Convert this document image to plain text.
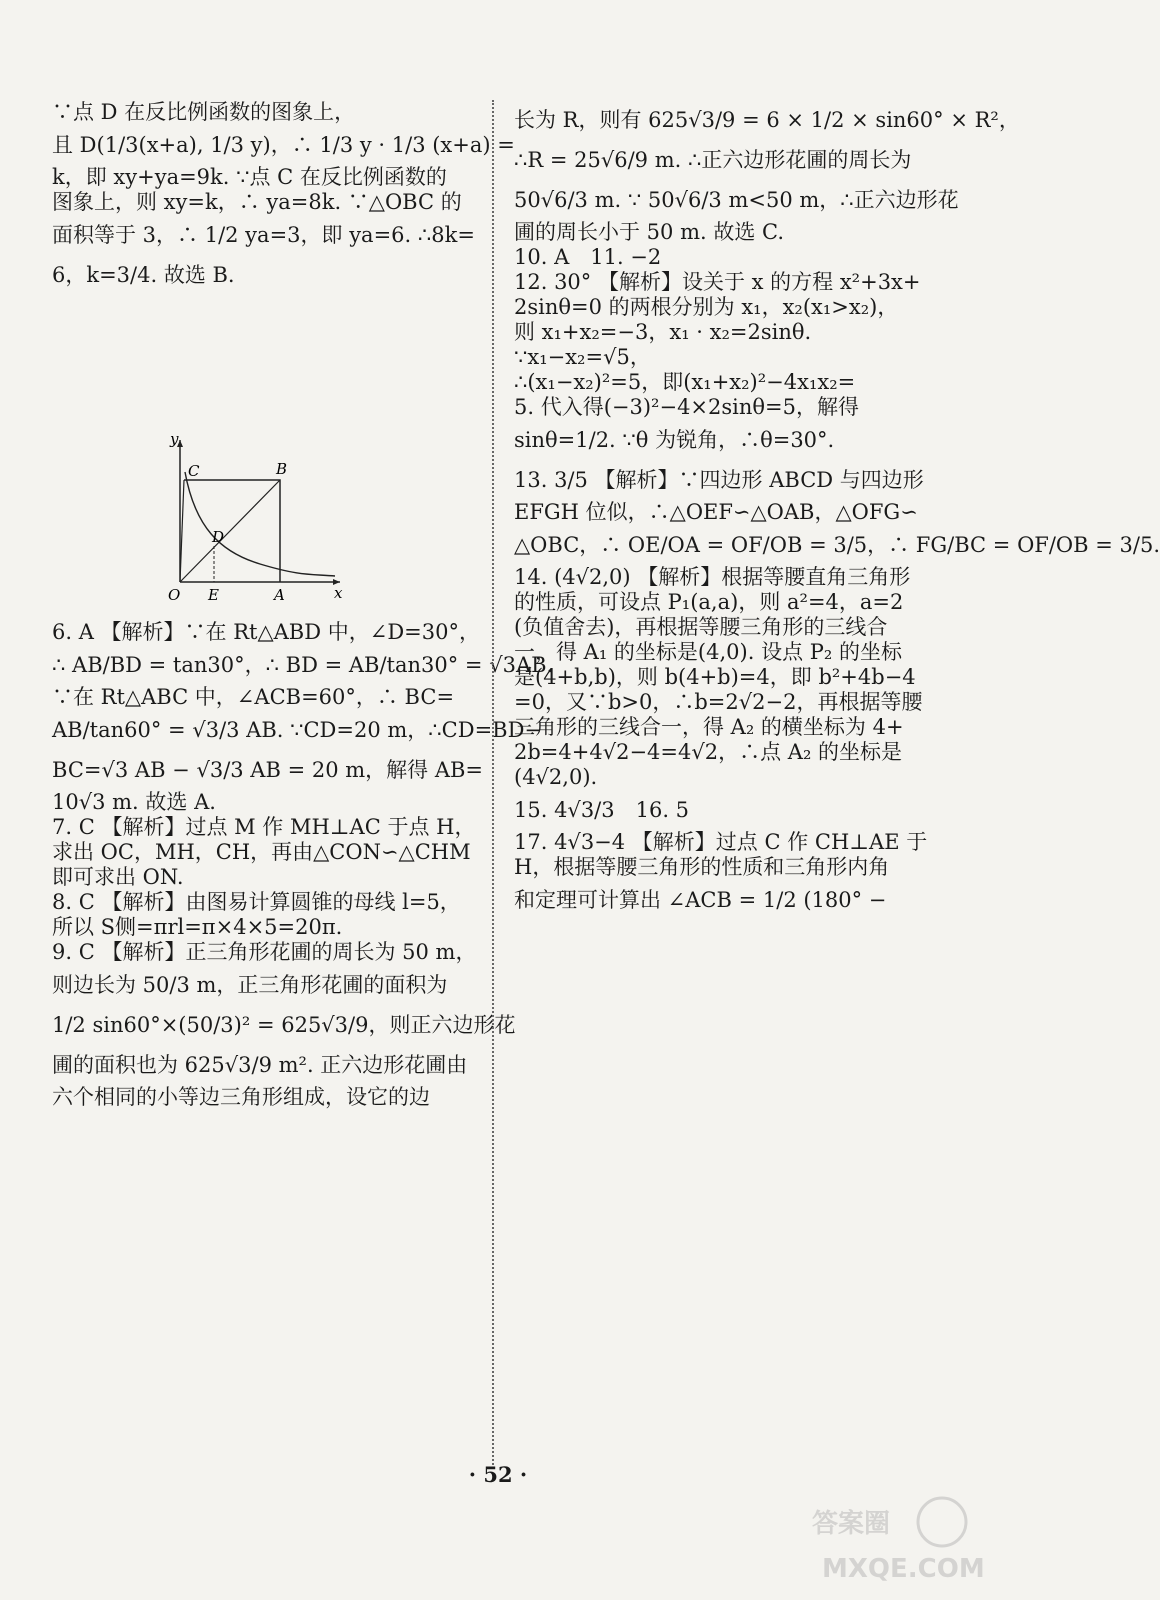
∵点 D 在反比例函数的图象上，

且 D(1/3(x+a), 1/3 y)，∴ 1/3 y · 1/3 (x+a) =

k，即 xy+ya=9k. ∵点 C 在反比例函数的

图象上，则 xy=k，∴ ya=8k. ∵△OBC 的

面积等于 3，∴ 1/2 ya=3，即 ya=6. ∴8k=

6，k=3/4. 故选 B.

y
x
C	B
D
O E	A

6. A 【解析】∵在 Rt△ABD 中，∠D=30°，

∴ AB/BD = tan30°，∴ BD = AB/tan30° = √3AB.

∵在 Rt△ABC 中，∠ACB=60°，∴ BC=

AB/tan60° = √3/3 AB. ∵CD=20 m，∴CD=BD−

BC=√3 AB − √3/3 AB = 20 m，解得 AB=

10√3 m. 故选 A.

7. C 【解析】过点 M 作 MH⊥AC 于点 H，

求出 OC，MH，CH，再由△CON∽△CHM

即可求出 ON.

8. C 【解析】由图易计算圆锥的母线 l=5，

所以 S侧=πrl=π×4×5=20π.

9. C 【解析】正三角形花圃的周长为 50 m，

则边长为 50/3 m，正三角形花圃的面积为

1/2 sin60°×(50/3)² = 625√3/9，则正六边形花

圃的面积也为 625√3/9 m². 正六边形花圃由

六个相同的小等边三角形组成，设它的边

长为 R，则有 625√3/9 = 6 × 1/2 × sin60° × R²，

∴R = 25√6/9 m. ∴正六边形花圃的周长为

50√6/3 m. ∵ 50√6/3 m<50 m，∴正六边形花

圃的周长小于 50 m. 故选 C.

10. A　11. −2

12. 30° 【解析】设关于 x 的方程 x²+3x+

2sinθ=0 的两根分别为 x₁，x₂(x₁>x₂)，

则 x₁+x₂=−3，x₁ · x₂=2sinθ.

∵x₁−x₂=√5，

∴(x₁−x₂)²=5，即(x₁+x₂)²−4x₁x₂=

5. 代入得(−3)²−4×2sinθ=5，解得

sinθ=1/2. ∵θ 为锐角，∴θ=30°.

13. 3/5 【解析】∵四边形 ABCD 与四边形

EFGH 位似，∴△OEF∽△OAB，△OFG∽

△OBC，∴ OE/OA = OF/OB = 3/5，∴ FG/BC = OF/OB = 3/5.

14. (4√2,0) 【解析】根据等腰直角三角形

的性质，可设点 P₁(a,a)，则 a²=4，a=2

(负值舍去)，再根据等腰三角形的三线合

一，得 A₁ 的坐标是(4,0). 设点 P₂ 的坐标

是(4+b,b)，则 b(4+b)=4，即 b²+4b−4

=0，又∵b>0，∴b=2√2−2，再根据等腰

三角形的三线合一，得 A₂ 的横坐标为 4+

2b=4+4√2−4=4√2，∴点 A₂ 的坐标是

(4√2,0).

15. 4√3/3　16. 5

17. 4√3−4 【解析】过点 C 作 CH⊥AE 于

H，根据等腰三角形的性质和三角形内角

和定理可计算出 ∠ACB = 1/2 (180° −

· 52 ·
答案圈
MXQE.COM
